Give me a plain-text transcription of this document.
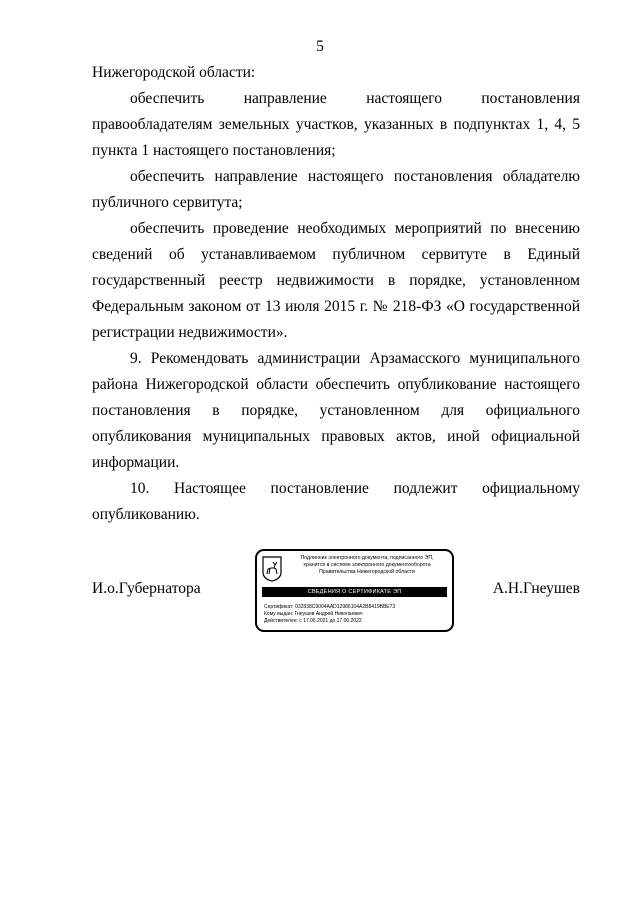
5

Нижегородской области:

обеспечить направление настоящего постановления правообладателям земельных участков, указанных в подпунктах 1, 4, 5 пункта 1 настоящего постановления;

обеспечить направление настоящего постановления обладателю публичного сервитута;

обеспечить проведение необходимых мероприятий по внесению сведений об устанавливаемом публичном сервитуте в Единый государственный реестр недвижимости в порядке, установленном Федеральным законом от 13 июля 2015 г. № 218-ФЗ «О государственной регистрации недвижимости».

9. Рекомендовать администрации Арзамасского муниципального района Нижегородской области обеспечить опубликование настоящего постановления в порядке, установленном для официального опубликования муниципальных правовых актов, иной официальной информации.

10. Настоящее постановление подлежит официальному опубликованию.

И.о.Губернатора
Подлинник электронного документа, подписанного ЭП,
хранится в системе электронного документооборота
Правительства Нижегородской области
СВЕДЕНИЯ О СЕРТИФИКАТЕ ЭП
Сертификат: 032838C9004AAD12986104A2B8419BBE73
Кому выдан: Гнеушев Андрей Николаевич
Действителен: с 17.06.2021 до 17.06.2022
А.Н.Гнеушев
